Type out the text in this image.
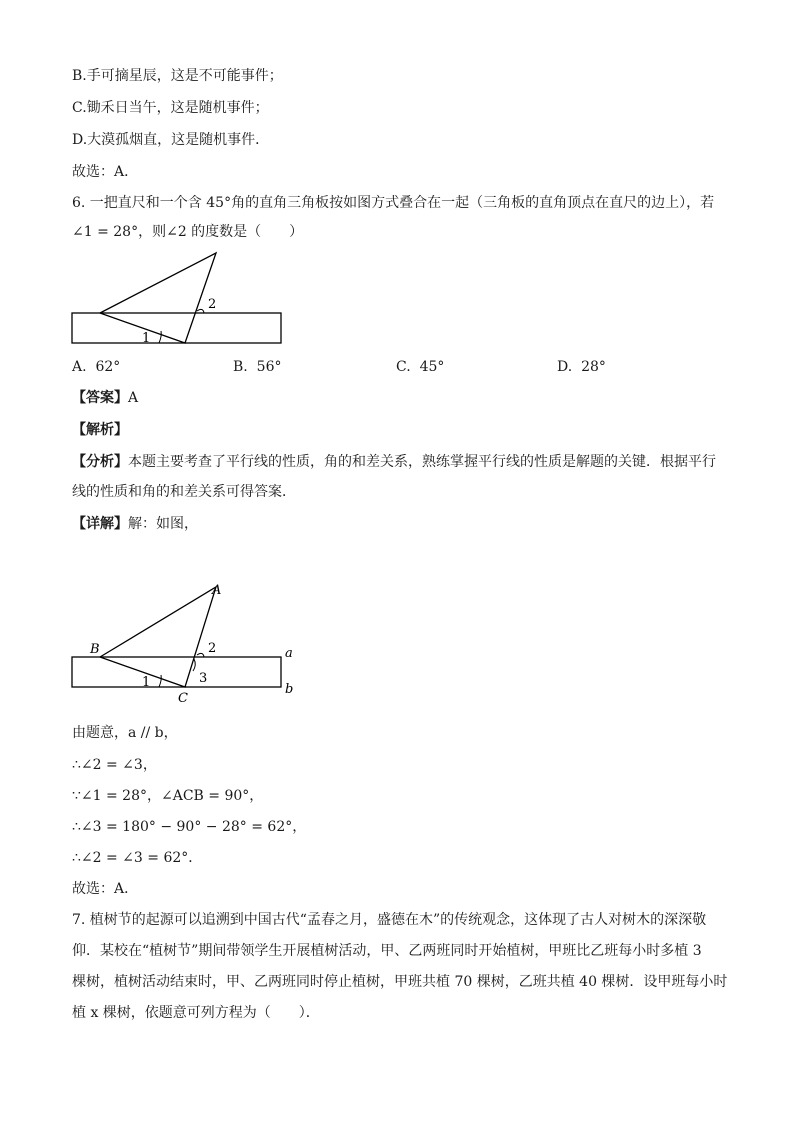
B.手可摘星辰，这是不可能事件；
C.锄禾日当午，这是随机事件；
D.大漠孤烟直，这是随机事件．
故选：A．
6. 一把直尺和一个含 45°角的直角三角板按如图方式叠合在一起（三角板的直角顶点在直尺的边上），若
∠1 = 28°，则∠2 的度数是（　　）
1
2
A. 62°	B. 56°	C. 45°	D. 28°
【答案】A
【解析】
【分析】本题主要考查了平行线的性质，角的和差关系，熟练掌握平行线的性质是解题的关键．根据平行
线的性质和角的和差关系可得答案．
【详解】解：如图，
A
B
C
a
b
1
2
3
由题意，a // b，
∴∠2 = ∠3，
∵∠1 = 28°，∠ACB = 90°，
∴∠3 = 180° − 90° − 28° = 62°，
∴∠2 = ∠3 = 62°．
故选：A．
7. 植树节的起源可以追溯到中国古代“孟春之月，盛德在木”的传统观念，这体现了古人对树木的深深敬
仰．某校在“植树节”期间带领学生开展植树活动，甲、乙两班同时开始植树，甲班比乙班每小时多植 3
棵树，植树活动结束时，甲、乙两班同时停止植树，甲班共植 70 棵树，乙班共植 40 棵树．设甲班每小时
植 x 棵树，依题意可列方程为（　　）．
